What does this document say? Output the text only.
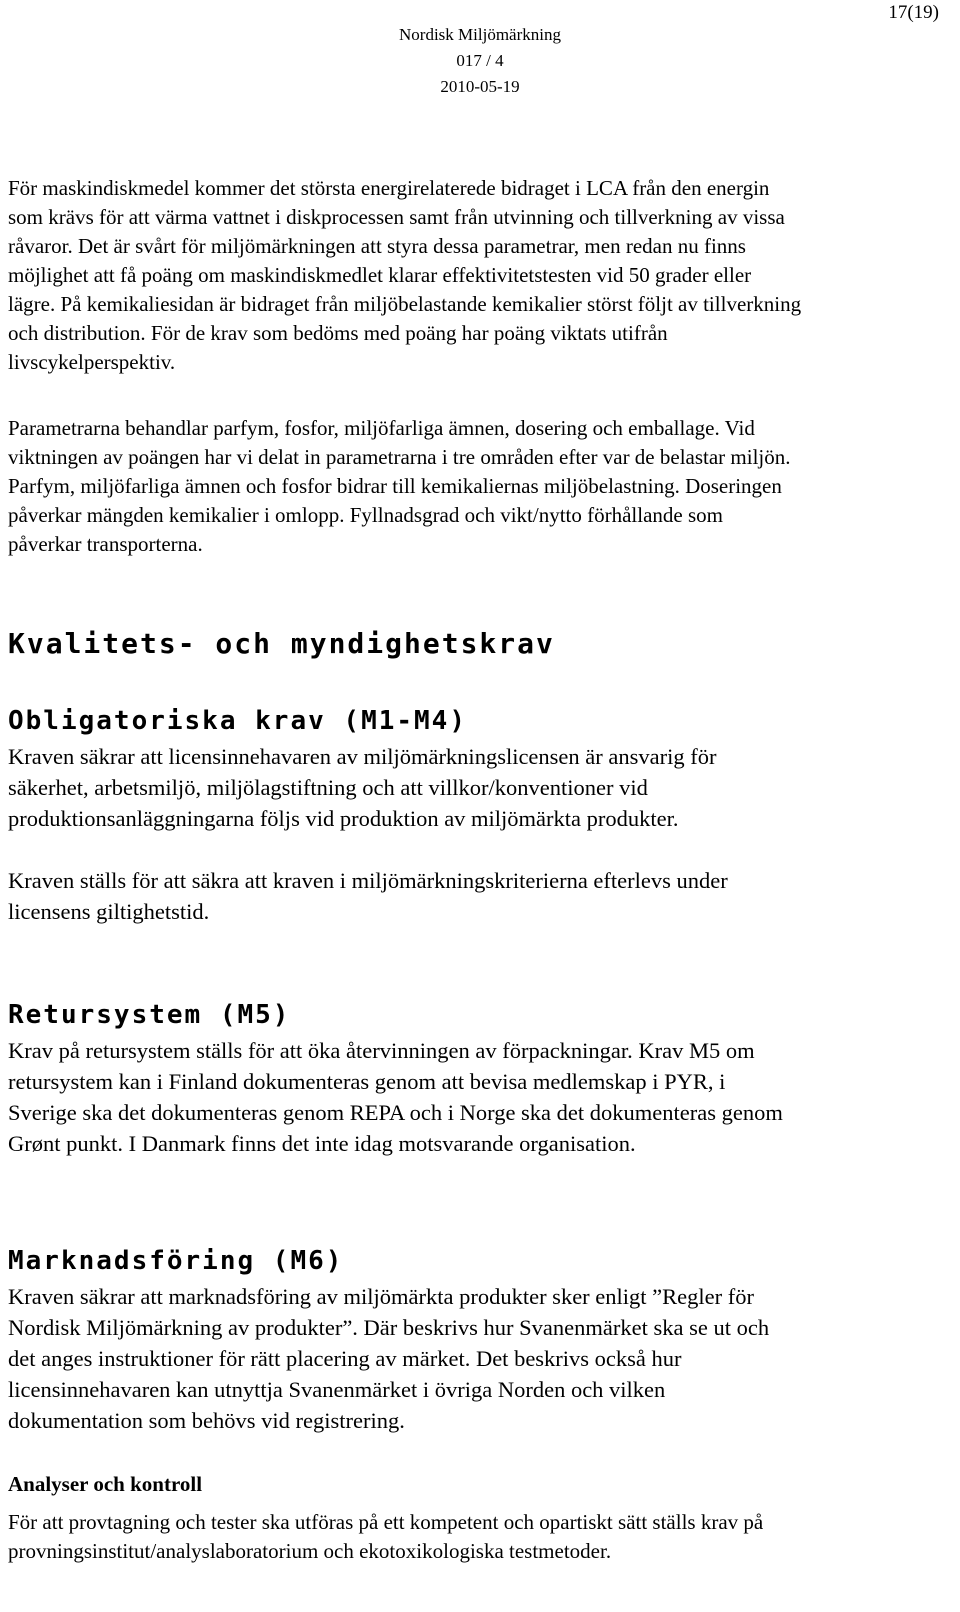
17(19)
Nordisk Miljömärkning
017 / 4
2010-05-19
För maskindiskmedel kommer det största energirelaterede bidraget i LCA från den energin
som krävs för att värma vattnet i diskprocessen samt från utvinning och tillverkning av vissa
råvaror. Det är svårt för miljömärkningen att styra dessa parametrar, men redan nu finns
möjlighet att få poäng om maskindiskmedlet klarar effektivitetstesten vid 50 grader eller
lägre. På kemikaliesidan är bidraget från miljöbelastande kemikalier störst följt av tillverkning
och distribution. För de krav som bedöms med poäng har poäng viktats utifrån
livscykelperspektiv.
Parametrarna behandlar parfym, fosfor, miljöfarliga ämnen, dosering och emballage. Vid
viktningen av poängen har vi delat in parametrarna i tre områden efter var de belastar miljön.
Parfym, miljöfarliga ämnen och fosfor bidrar till kemikaliernas miljöbelastning. Doseringen
påverkar mängden kemikalier i omlopp. Fyllnadsgrad och vikt/nytto förhållande som
påverkar transporterna.
Kvalitets- och myndighetskrav
Obligatoriska krav (M1-M4)
Kraven säkrar att licensinnehavaren av miljömärkningslicensen är ansvarig för
säkerhet, arbetsmiljö, miljölagstiftning och att villkor/konventioner vid
produktionsanläggningarna följs vid produktion av miljömärkta produkter.
Kraven ställs för att säkra att kraven i miljömärkningskriterierna efterlevs under
licensens giltighetstid.
Retursystem (M5)
Krav på retursystem ställs för att öka återvinningen av förpackningar. Krav M5 om
retursystem kan i Finland dokumenteras genom att bevisa medlemskap i PYR, i
Sverige ska det dokumenteras genom REPA och i Norge ska det dokumenteras genom
Grønt punkt. I Danmark finns det inte idag motsvarande organisation.
Marknadsföring (M6)
Kraven säkrar att marknadsföring av miljömärkta produkter sker enligt ”Regler för
Nordisk Miljömärkning av produkter”. Där beskrivs hur Svanenmärket ska se ut och
det anges instruktioner för rätt placering av märket. Det beskrivs också hur
licensinnehavaren kan utnyttja Svanenmärket i övriga Norden och vilken
dokumentation som behövs vid registrering.
Analyser och kontroll
För att provtagning och tester ska utföras på ett kompetent och opartiskt sätt ställs krav på
provningsinstitut/analyslaboratorium och ekotoxikologiska testmetoder.
